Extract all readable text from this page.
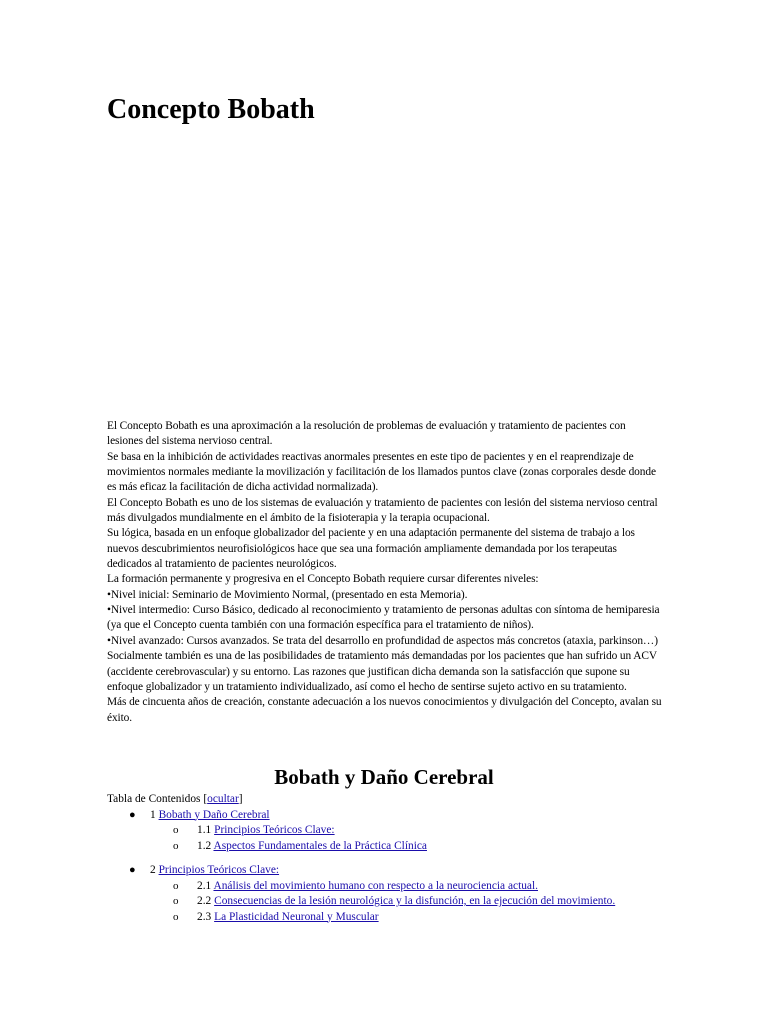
Concepto Bobath

El Concepto Bobath es una aproximación a la resolución de problemas de evaluación y tratamiento de pacientes con lesiones del sistema nervioso central.

Se basa en la inhibición de actividades reactivas anormales presentes en este tipo de pacientes y en el reaprendizaje de movimientos normales mediante la movilización y facilitación de los llamados puntos clave (zonas corporales desde donde es más eficaz la facilitación de dicha actividad normalizada).

El Concepto Bobath es uno de los sistemas de evaluación y tratamiento de pacientes con lesión del sistema nervioso central más divulgados mundialmente en el ámbito de la fisioterapia y la terapia ocupacional.

Su lógica, basada en un enfoque globalizador del paciente y en una adaptación permanente del sistema de trabajo a los nuevos descubrimientos neurofisiológicos hace que sea una formación ampliamente demandada por los terapeutas dedicados al tratamiento de pacientes neurológicos.

La formación permanente y progresiva en el Concepto Bobath requiere cursar diferentes niveles:

•Nivel inicial: Seminario de Movimiento Normal, (presentado en esta Memoria).

•Nivel intermedio: Curso Básico, dedicado al reconocimiento y tratamiento de personas adultas con síntoma de hemiparesia (ya que el Concepto cuenta también con una formación específica para el tratamiento de niños).

•Nivel avanzado: Cursos avanzados. Se trata del desarrollo en profundidad de aspectos más concretos (ataxia, parkinson…)

Socialmente también es una de las posibilidades de tratamiento más demandadas por los pacientes que han sufrido un ACV (accidente cerebrovascular) y su entorno. Las razones que justifican dicha demanda son la satisfacción que supone su enfoque globalizador y un tratamiento individualizado, así como el hecho de sentirse sujeto activo en su tratamiento.

Más de cincuenta años de creación, constante adecuación a los nuevos conocimientos y divulgación del Concepto, avalan su éxito.

Bobath y Daño Cerebral

Tabla de Contenidos [ocultar]

● 1 Bobath y Daño Cerebral
o 1.1 Principios Teóricos Clave:
o 1.2 Aspectos Fundamentales de la Práctica Clínica
● 2 Principios Teóricos Clave:
o 2.1 Análisis del movimiento humano con respecto a la neurociencia actual.
o 2.2 Consecuencias de la lesión neurológica y la disfunción, en la ejecución del movimiento.
o 2.3 La Plasticidad Neuronal y Muscular
